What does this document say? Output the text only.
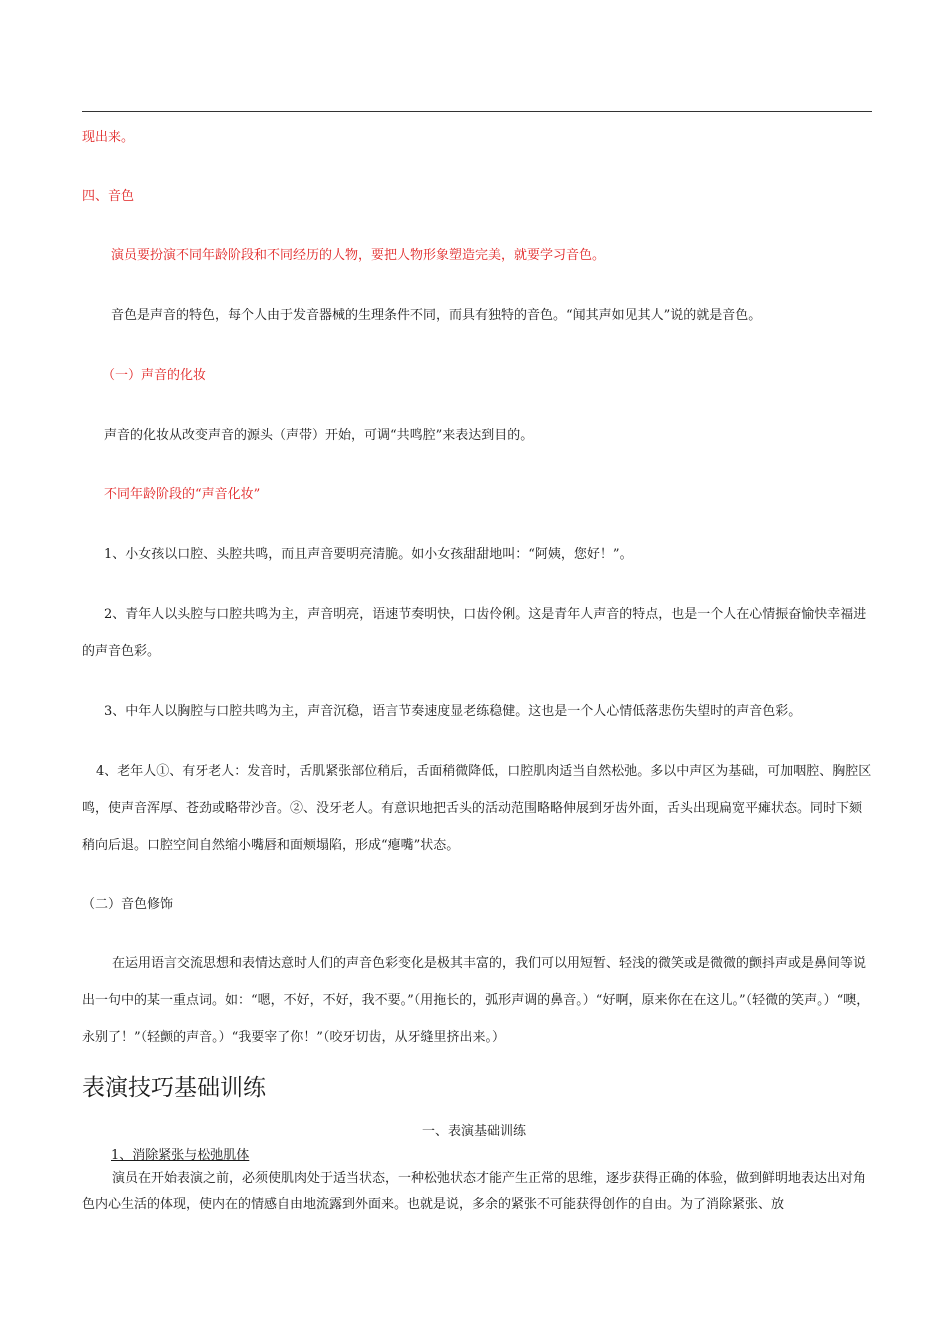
现出来。

四、音色

演员要扮演不同年龄阶段和不同经历的人物，要把人物形象塑造完美，就要学习音色。

音色是声音的特色，每个人由于发音器械的生理条件不同，而具有独特的音色。“闻其声如见其人”说的就是音色。

（一）声音的化妆

声音的化妆从改变声音的源头（声带）开始，可调“共鸣腔”来表达到目的。

不同年龄阶段的“声音化妆”

1、小女孩以口腔、头腔共鸣，而且声音要明亮清脆。如小女孩甜甜地叫：“阿姨，您好！”。

2、青年人以头腔与口腔共鸣为主，声音明亮，语速节奏明快，口齿伶俐。这是青年人声音的特点，也是一个人在心情振奋愉快幸福进的声音色彩。

3、中年人以胸腔与口腔共鸣为主，声音沉稳，语言节奏速度显老练稳健。这也是一个人心情低落悲伤失望时的声音色彩。

4、老年人①、有牙老人：发音时，舌肌紧张部位稍后，舌面稍微降低，口腔肌肉适当自然松弛。多以中声区为基础，可加咽腔、胸腔区鸣，使声音浑厚、苍劲或略带沙音。②、没牙老人。有意识地把舌头的活动范围略略伸展到牙齿外面，舌头出现扁宽平瘫状态。同时下颏稍向后退。口腔空间自然缩小嘴唇和面颊塌陷，形成“瘪嘴”状态。

（二）音色修饰

在运用语言交流思想和表情达意时人们的声音色彩变化是极其丰富的，我们可以用短暂、轻浅的微笑或是微微的颤抖声或是鼻间等说出一句中的某一重点词。如：“嗯，不好，不好，我不要。”（用拖长的，弧形声调的鼻音。）“好啊，原来你在在这儿。”（轻微的笑声。）“噢，永别了！”（轻颤的声音。）“我要宰了你！”（咬牙切齿，从牙缝里挤出来。）

表演技巧基础训练

一、表演基础训练

1、消除紧张与松弛肌体

演员在开始表演之前，必须使肌肉处于适当状态，一种松弛状态才能产生正常的思维，逐步获得正确的体验，做到鲜明地表达出对角色内心生活的体现，使内在的情感自由地流露到外面来。也就是说，多余的紧张不可能获得创作的自由。为了消除紧张、放
